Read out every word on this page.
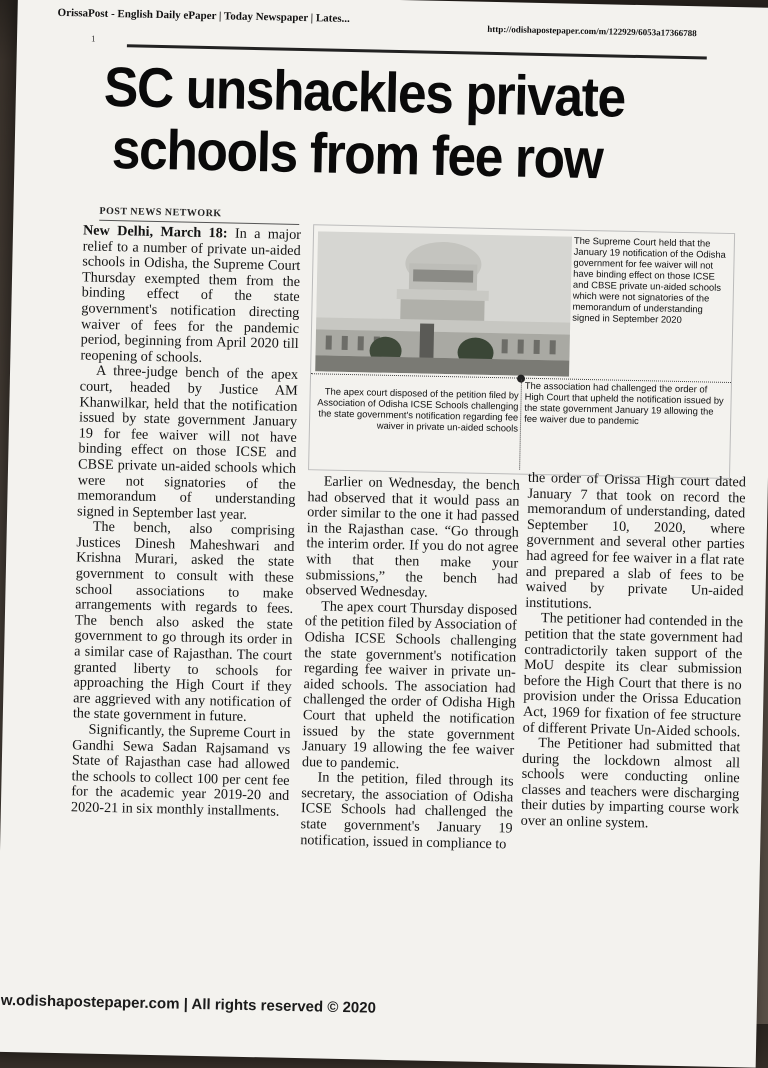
OrissaPost - English Daily ePaper | Today Newspaper | Lates...
http://odishapostepaper.com/m/122929/6053a17366788
1
SC unshackles private
schools from fee row
POST NEWS NETWORK

New Delhi, March 18: In a major relief to a number of private un-aided schools in Odisha, the Supreme Court Thursday exempted them from the binding effect of the state government's notification directing waiver of fees for the pandemic period, beginning from April 2020 till reopening of schools.

A three-judge bench of the apex court, headed by Justice AM Khanwilkar, held that the notification issued by state government January 19 for fee waiver will not have binding effect on those ICSE and CBSE private un-aided schools which were not signatories of the memorandum of understanding signed in September last year.

The bench, also comprising Justices Dinesh Maheshwari and Krishna Murari, asked the state government to consult with these school associations to make arrangements with regards to fees. The bench also asked the state government to go through its order in a similar case of Rajasthan. The court granted liberty to schools for approaching the High Court if they are aggrieved with any notification of the state government in future.

Significantly, the Supreme Court in Gandhi Sewa Sadan Rajsamand vs State of Rajasthan case had allowed the schools to collect 100 per cent fee for the academic year 2019-20 and 2020-21 in six monthly installments.

The Supreme Court held that the January 19 notification of the Odisha government for fee waiver will not have binding effect on those ICSE and CBSE private un-aided schools which were not signatories of the memorandum of understanding signed in September 2020
The apex court disposed of the petition filed by Association of Odisha ICSE Schools challenging the state government's notification regarding fee waiver in private un-aided schools
The association had challenged the order of High Court that upheld the notification issued by the state government January 19 allowing the fee waiver due to pandemic

Earlier on Wednesday, the bench had observed that it would pass an order similar to the one it had passed in the Rajasthan case. “Go through the interim order. If you do not agree with that then make your submissions,” the bench had observed Wednesday.

The apex court Thursday disposed of the petition filed by Association of Odisha ICSE Schools challenging the state government's notification regarding fee waiver in private un-aided schools. The association had challenged the order of Odisha High Court that upheld the notification issued by the state government January 19 allowing the fee waiver due to pandemic.

In the petition, filed through its secretary, the association of Odisha ICSE Schools had challenged the state government's January 19 notification, issued in compliance to

the order of Orissa High court dated January 7 that took on record the memorandum of understanding, dated September 10, 2020, where government and several other parties had agreed for fee waiver in a flat rate and prepared a slab of fees to be waived by private Un-aided institutions.

The petitioner had contended in the petition that the state government had contradictorily taken support of the MoU despite its clear submission before the High Court that there is no provision under the Orissa Education Act, 1969 for fixation of fee structure of different Private Un-Aided schools.

The Petitioner had submitted that during the lockdown almost all schools were conducting online classes and teachers were discharging their duties by imparting course work over an online system.

w.odishapostepaper.com | All rights reserved © 2020
